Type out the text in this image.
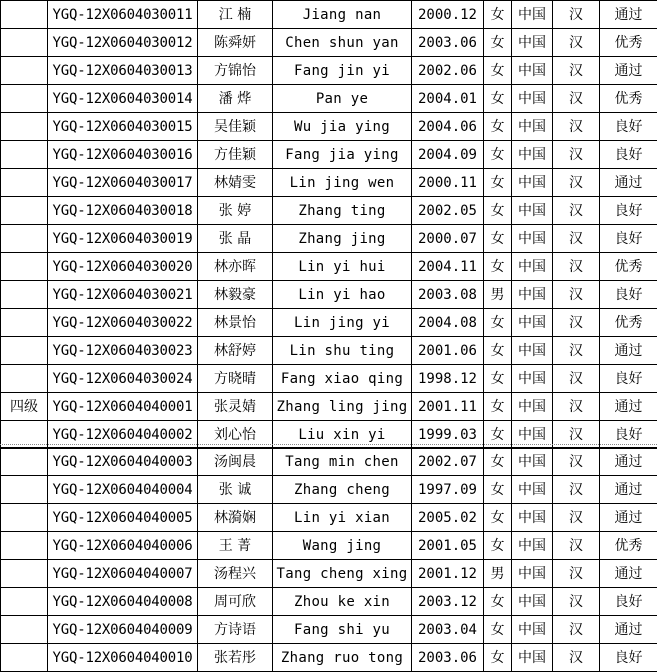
	YGQ-12X0604030011	江 楠	Jiang nan	2000.12	女	中国	汉	通过
	YGQ-12X0604030012	陈舜妍	Chen shun yan	2003.06	女	中国	汉	优秀
	YGQ-12X0604030013	方锦怡	Fang jin yi	2002.06	女	中国	汉	通过
	YGQ-12X0604030014	潘 烨	Pan ye	2004.01	女	中国	汉	优秀
	YGQ-12X0604030015	吴佳颖	Wu jia ying	2004.06	女	中国	汉	良好
	YGQ-12X0604030016	方佳颖	Fang jia ying	2004.09	女	中国	汉	良好
	YGQ-12X0604030017	林婧雯	Lin jing wen	2000.11	女	中国	汉	通过
	YGQ-12X0604030018	张 婷	Zhang ting	2002.05	女	中国	汉	良好
	YGQ-12X0604030019	张 晶	Zhang jing	2000.07	女	中国	汉	良好
	YGQ-12X0604030020	林亦晖	Lin yi hui	2004.11	女	中国	汉	优秀
	YGQ-12X0604030021	林毅豪	Lin yi hao	2003.08	男	中国	汉	良好
	YGQ-12X0604030022	林景怡	Lin jing yi	2004.08	女	中国	汉	优秀
	YGQ-12X0604030023	林舒婷	Lin shu ting	2001.06	女	中国	汉	通过
	YGQ-12X0604030024	方晓晴	Fang xiao qing	1998.12	女	中国	汉	良好
四级	YGQ-12X0604040001	张灵婧	Zhang ling jing	2001.11	女	中国	汉	通过
	YGQ-12X0604040002	刘心怡	Liu xin yi	1999.03	女	中国	汉	良好
	YGQ-12X0604040003	汤闽晨	Tang min chen	2002.07	女	中国	汉	通过
	YGQ-12X0604040004	张 诚	Zhang cheng	1997.09	女	中国	汉	通过
	YGQ-12X0604040005	林漪娴	Lin yi xian	2005.02	女	中国	汉	通过
	YGQ-12X0604040006	王 菁	Wang jing	2001.05	女	中国	汉	优秀
	YGQ-12X0604040007	汤程兴	Tang cheng xing	2001.12	男	中国	汉	通过
	YGQ-12X0604040008	周可欣	Zhou ke xin	2003.12	女	中国	汉	良好
	YGQ-12X0604040009	方诗语	Fang shi yu	2003.04	女	中国	汉	通过
	YGQ-12X0604040010	张若彤	Zhang ruo tong	2003.06	女	中国	汉	良好
